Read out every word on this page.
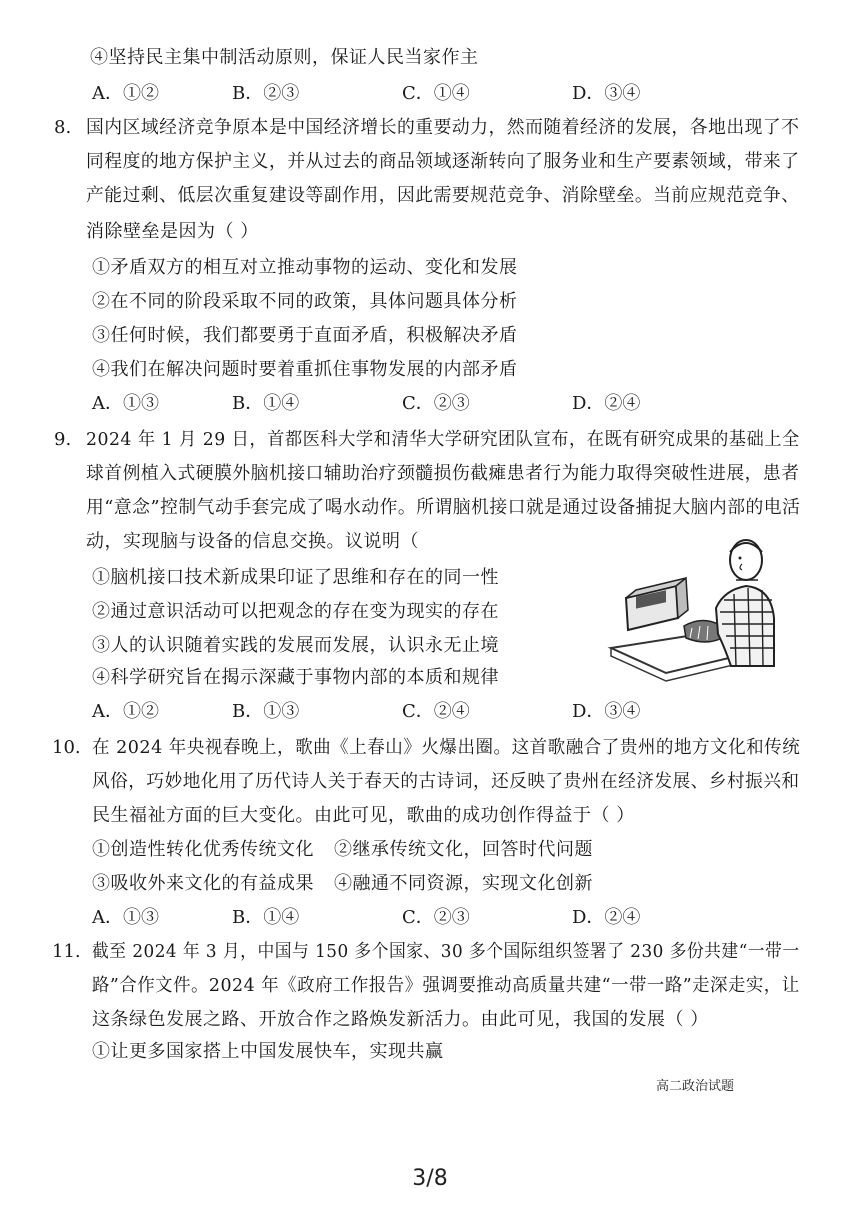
④坚持民主集中制活动原则，保证人民当家作主
A．①②	B．②③	C．①④	D．③④
8. 国内区域经济竞争原本是中国经济增长的重要动力，然而随着经济的发展，各地出现了不
同程度的地方保护主义，并从过去的商品领域逐渐转向了服务业和生产要素领域，带来了
产能过剩、低层次重复建设等副作用，因此需要规范竞争、消除壁垒。当前应规范竞争、
消除壁垒是因为（ ）
①矛盾双方的相互对立推动事物的运动、变化和发展
②在不同的阶段采取不同的政策，具体问题具体分析
③任何时候，我们都要勇于直面矛盾，积极解决矛盾
④我们在解决问题时要着重抓住事物发展的内部矛盾
A．①③	B．①④	C．②③	D．②④
9. 2024 年 1 月 29 日，首都医科大学和清华大学研究团队宣布，在既有研究成果的基础上全
球首例植入式硬膜外脑机接口辅助治疗颈髓损伤截瘫患者行为能力取得突破性进展，患者
用“意念”控制气动手套完成了喝水动作。所谓脑机接口就是通过设备捕捉大脑内部的电活
动，实现脑与设备的信息交换。议说明（
①脑机接口技术新成果印证了思维和存在的同一性
②通过意识活动可以把观念的存在变为现实的存在
③人的认识随着实践的发展而发展，认识永无止境
④科学研究旨在揭示深藏于事物内部的本质和规律
A．①②	B．①③	C．②④	D．③④
10. 在 2024 年央视春晚上，歌曲《上春山》火爆出圈。这首歌融合了贵州的地方文化和传统
风俗，巧妙地化用了历代诗人关于春天的古诗词，还反映了贵州在经济发展、乡村振兴和
民生福祉方面的巨大变化。由此可见，歌曲的成功创作得益于（ ）
①创造性转化优秀传统文化 ②继承传统文化，回答时代问题
③吸收外来文化的有益成果 ④融通不同资源，实现文化创新
A．①③	B．①④	C．②③	D．②④
11. 截至 2024 年 3 月，中国与 150 多个国家、30 多个国际组织签署了 230 多份共建“一带一
路”合作文件。2024 年《政府工作报告》强调要推动高质量共建“一带一路”走深走实，让
这条绿色发展之路、开放合作之路焕发新活力。由此可见，我国的发展（ ）
①让更多国家搭上中国发展快车，实现共赢
高二政治试题
3/8
